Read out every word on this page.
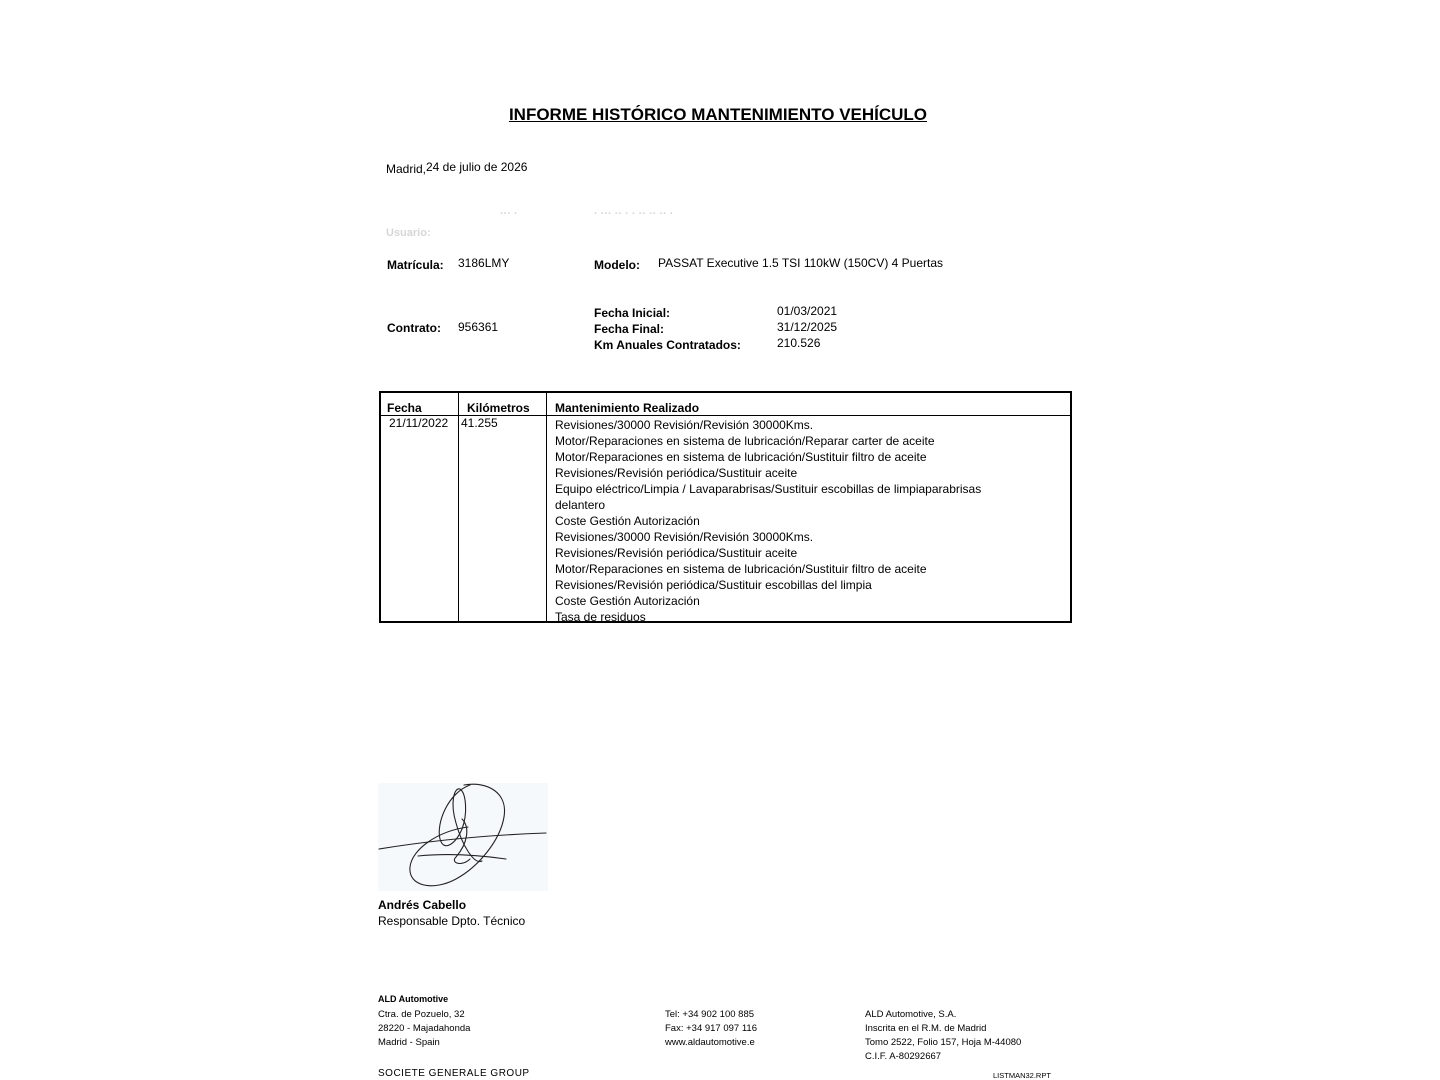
INFORME HISTÓRICO MANTENIMIENTO VEHÍCULO
Madrid, 24 de julio de 2026
Usuario:
··· ·	· ··· ·· · · ·· ·· ·· ·
Matrícula: 3186LMY	Modelo: PASSAT Executive 1.5 TSI 110kW (150CV) 4 Puertas
Contrato: 956361
Fecha Inicial:	01/03/2021
Fecha Final:	31/12/2025
Km Anuales Contratados:	210.526
Fecha	Kilómetros Mantenimiento Realizado
21/11/2022 41.255	Revisiones/30000 Revisión/Revisión 30000Kms.
Motor/Reparaciones en sistema de lubricación/Reparar carter de aceite
Motor/Reparaciones en sistema de lubricación/Sustituir filtro de aceite
Revisiones/Revisión periódica/Sustituir aceite
Equipo eléctrico/Limpia / Lavaparabrisas/Sustituir escobillas de limpiaparabrisas
delantero
Coste Gestión Autorización
Revisiones/30000 Revisión/Revisión 30000Kms.
Revisiones/Revisión periódica/Sustituir aceite
Motor/Reparaciones en sistema de lubricación/Sustituir filtro de aceite
Revisiones/Revisión periódica/Sustituir escobillas del limpia
Coste Gestión Autorización
Tasa de residuos
Andrés Cabello
Responsable Dpto. Técnico
ALD Automotive
Ctra. de Pozuelo, 32
28220 - Majadahonda
Madrid - Spain
Tel: +34 902 100 885
Fax: +34 917 097 116
www.aldautomotive.e
ALD Automotive, S.A.
Inscrita en el R.M. de Madrid
Tomo 2522, Folio 157, Hoja M-44080
C.I.F. A-80292667
SOCIETE GENERALE GROUP	LISTMAN32.RPT
